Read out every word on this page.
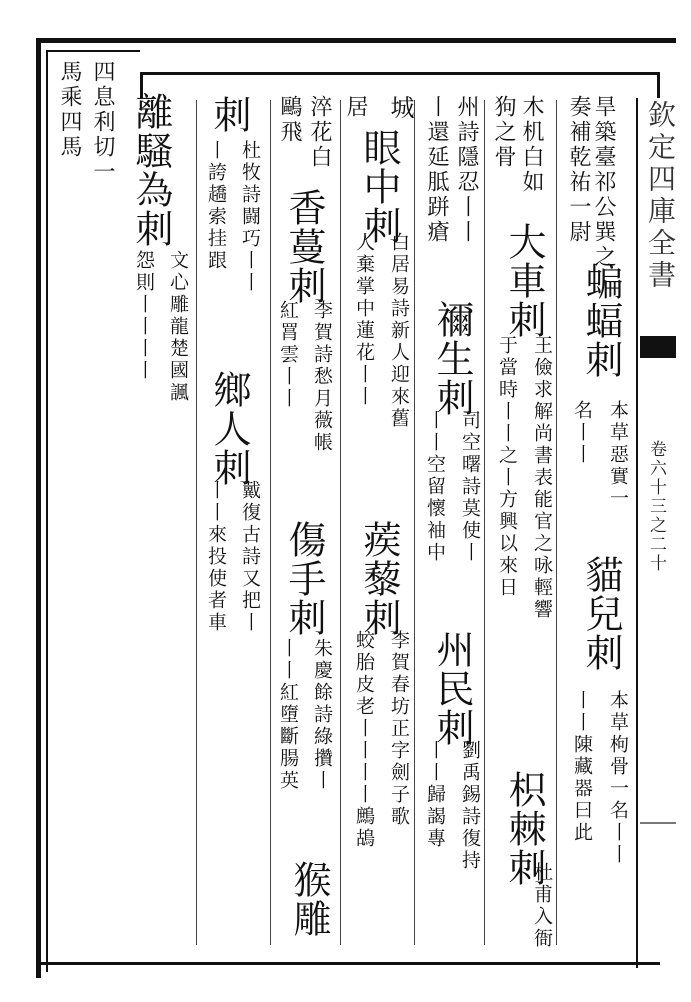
欽定四庫全書
卷六十三之二十
四息利切一
馬乘四馬	旱築臺祁公巽之
蝙蝠刺
本草惡實一
貓兒刺
本草枸骨一名丨丨
奏補乾祐一尉
名丨丨
丨丨陳藏器曰此
木机白如
大車刺
王儉求解尚書表能官之咏輕響
枳棘刺
杜甫入衙
狗之骨
于當時丨丨之丨方興以來日
州詩隱忍丨丨
禰生刺
司空曙詩莫使丨
州民刺
劉禹錫詩復持
丨還延胝跰瘡
丨丨空留懷袖中
丨丨歸謁專
城
眼中刺
白居易詩新人迎來舊
蒺藜刺
李賀春坊正字劍子歌
居
人棄掌中蓮花丨丨
蛟胎皮老丨丨丨丨鷓鴣
淬花白
香蔓刺
李賀詩愁月薇帳
傷手刺
朱慶餘詩綠攢丨
鷗飛
紅罥雲丨丨
丨丨紅墮斷腸英
猴雕
刺
杜牧詩闘巧丨丨
鄉人刺
戴復古詩又把丨
丨誇趫索挂跟
丨丨來投使者車
離騷為刺
文心雕龍楚國諷
怨則丨丨丨丨
